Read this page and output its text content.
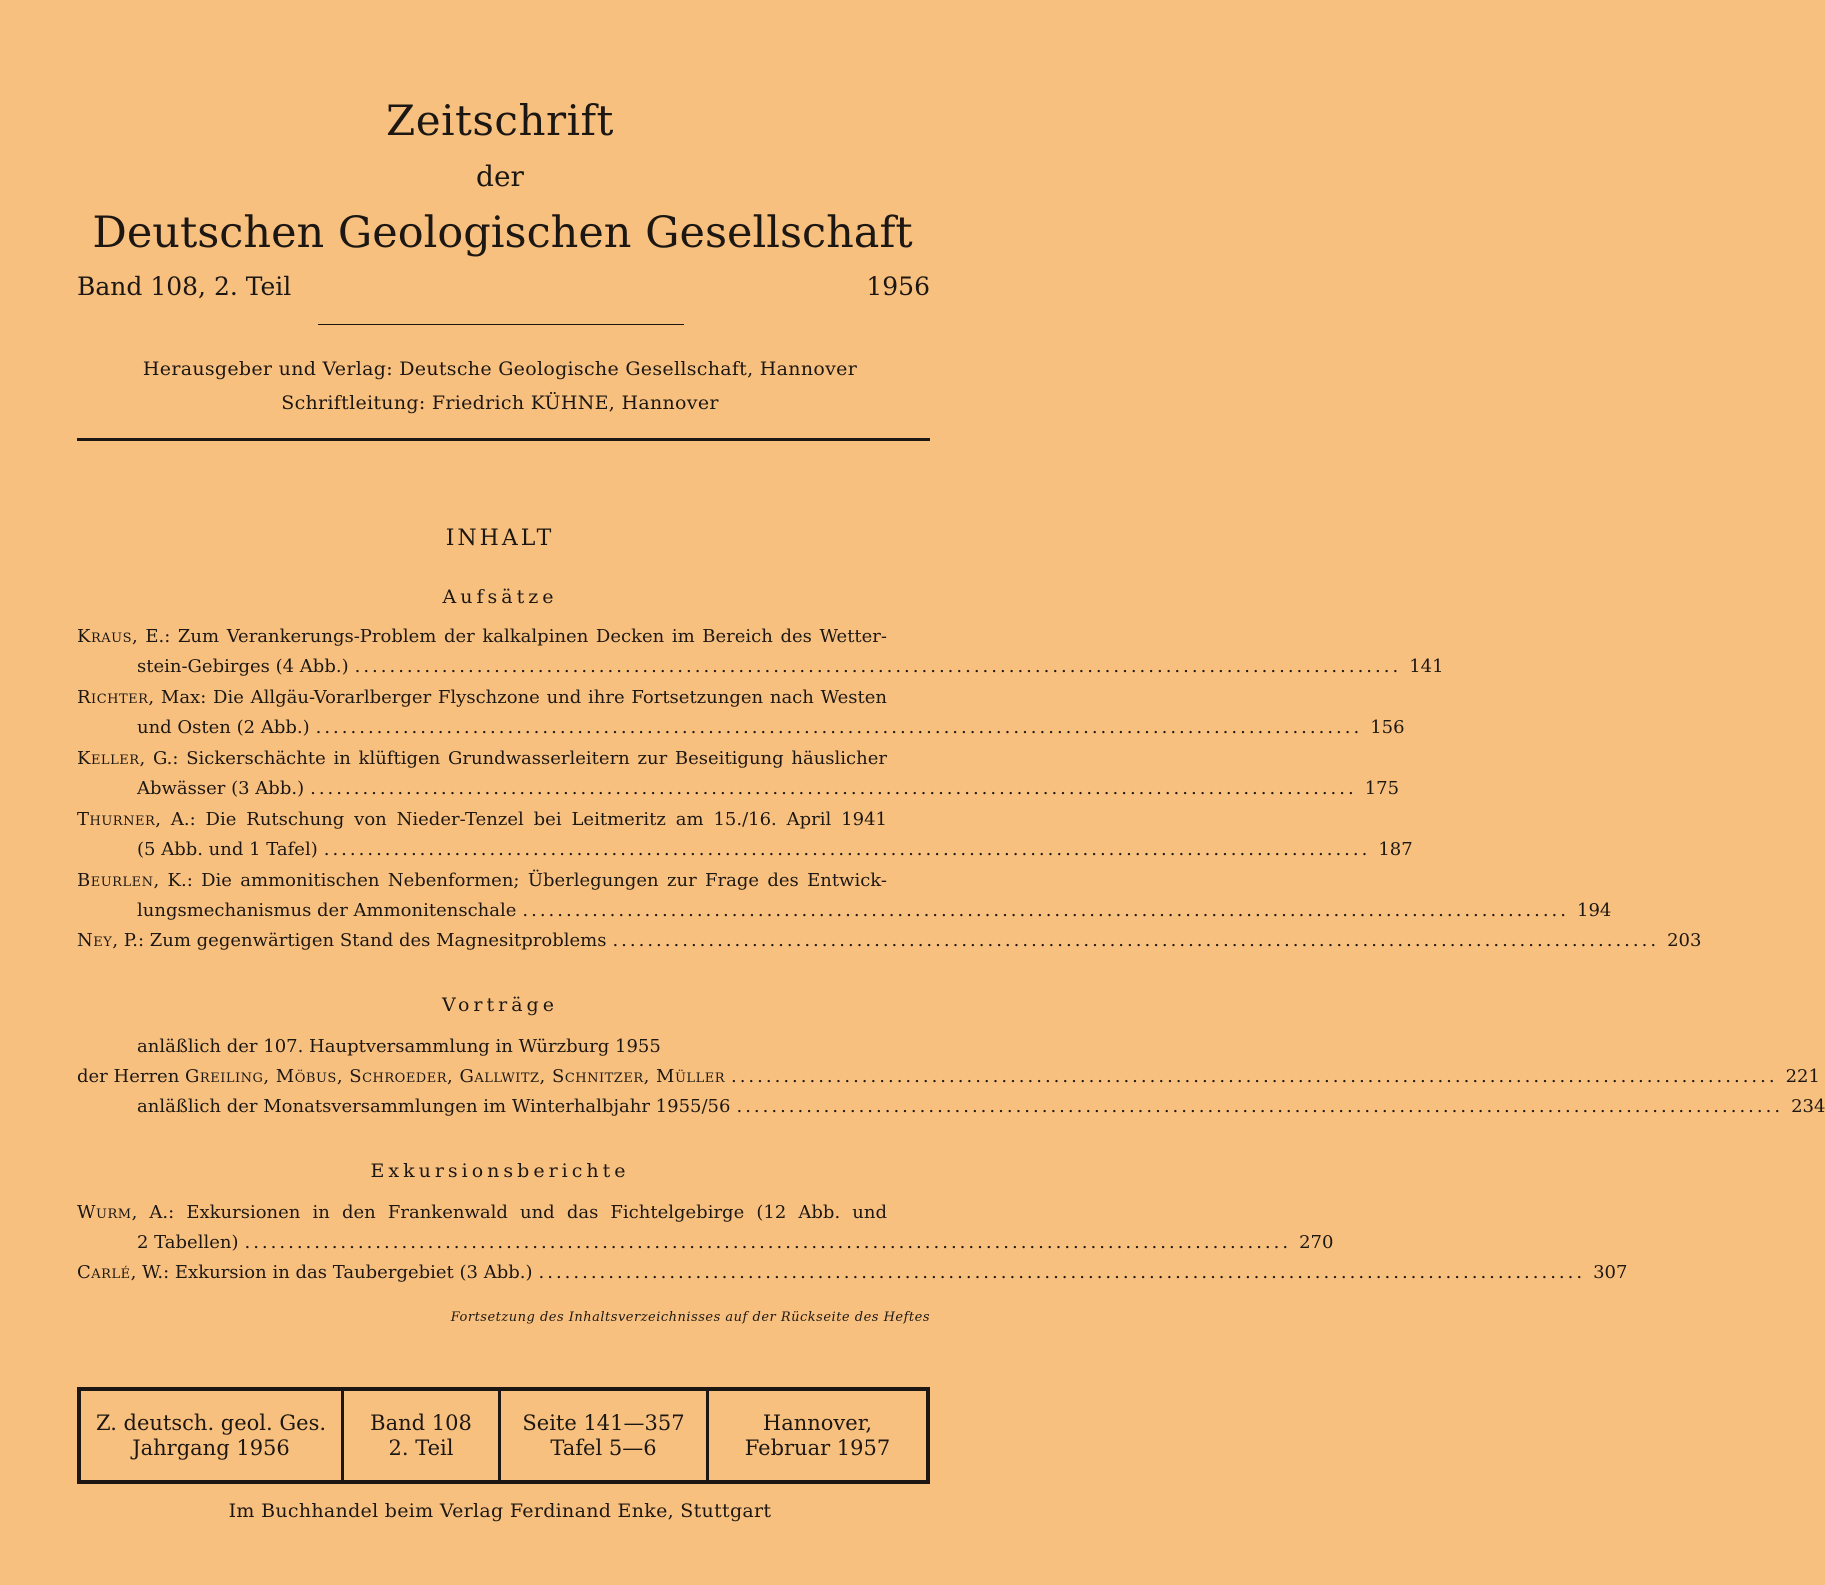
Zeitschrift
der
Deutschen Geologischen Gesellschaft
Band 108, 2. Teil	1956
Herausgeber und Verlag: Deutsche Geologische Gesellschaft, Hannover
Schriftleitung: Friedrich KÜHNE, Hannover
INHALT
Aufsätze
Kraus, E.: Zum Verankerungs-Problem der kalkalpinen Decken im Bereich des Wetter-
stein-Gebirges (4 Abb.) ........................................................................................................................ 141
Richter, Max: Die Allgäu-Vorarlberger Flyschzone und ihre Fortsetzungen nach Westen
und Osten (2 Abb.) ........................................................................................................................ 156
Keller, G.: Sickerschächte in klüftigen Grundwasserleitern zur Beseitigung häuslicher
Abwässer (3 Abb.) ........................................................................................................................ 175
Thurner, A.: Die Rutschung von Nieder-Tenzel bei Leitmeritz am 15./16. April 1941
(5 Abb. und 1 Tafel) ........................................................................................................................ 187
Beurlen, K.: Die ammonitischen Nebenformen; Überlegungen zur Frage des Entwick-
lungsmechanismus der Ammonitenschale ........................................................................................................................ 194
Ney , P.:
Zum gegenwärtigen Stand des Magnesitproblems ........................................................................................................................ 203
Vorträge
anläßlich der 107. Hauptversammlung in Würzburg 1955
der Herren
Greiling, Möbus, Schroeder, Gallwitz, Schnitzer, Müller ........................................................................................................................ 221
anläßlich der Monatsversammlungen im Winterhalbjahr 1955/56 ........................................................................................................................ 234
Exkursionsberichte
Wurm, A.: Exkursionen in den Frankenwald und das Fichtelgebirge (12 Abb. und
2 Tabellen) ........................................................................................................................ 270
Carlé , W.:
Exkursion in das Taubergebiet (3 Abb.) ........................................................................................................................ 307
Fortsetzung des Inhaltsverzeichnisses auf der Rückseite des Heftes
Z. deutsch. geol. Ges.
Jahrgang 1956
Band 108
2. Teil
Seite 141—357
Tafel 5—6
Hannover,
Februar 1957
Im Buchhandel beim Verlag Ferdinand Enke, Stuttgart
